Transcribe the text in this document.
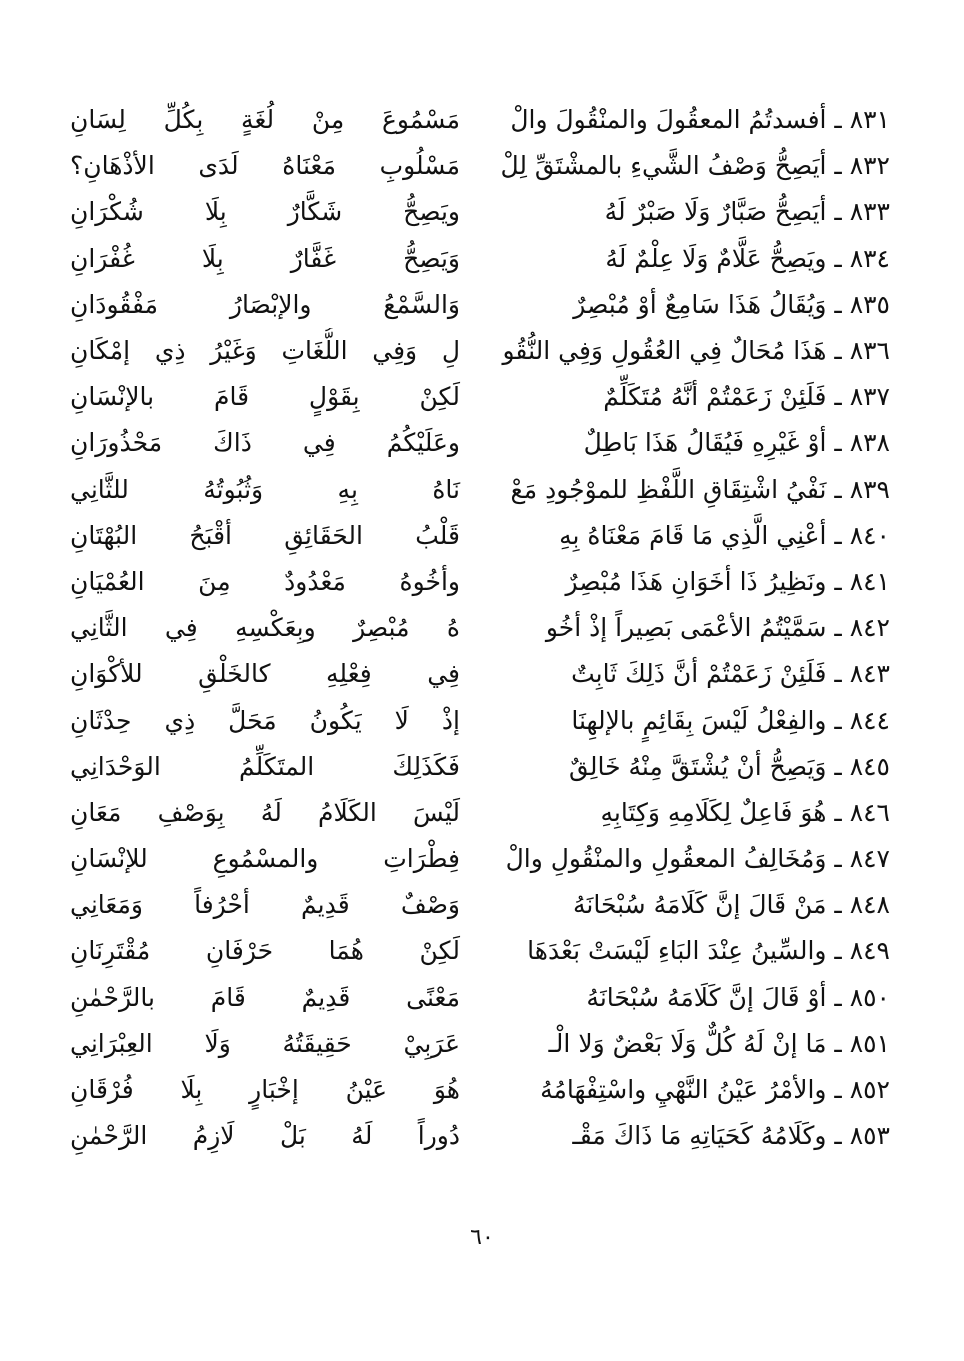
٨٣١ ـ أفسدتُمُ المعقُولَ والمنْقُولَ والْ
مَسْمُوعَ مِنْ لُغَةٍ بِكُلِّ لِسَانِ
٨٣٢ ـ أيَصِحُّ وَصْفُ الشَّيءِ بالمشْتَقِّ لِلْ
مَسْلُوبِ مَعْنَاهُ لَدَى الأذْهَانِ؟
٨٣٣ ـ أيَصِحُّ صَبَّارٌ وَلَا صَبْرٌ لَهُ
ويَصِحُّ شَكَّارٌ بِلَا شُكْرَانِ
٨٣٤ ـ ويَصِحُّ عَلَّامٌ وَلَا عِلْمٌ لَهُ
وَيَصِحُّ غَفَّارٌ بِلَا غُفْرَانِ
٨٣٥ ـ وَيُقَالُ هَذَا سَامِعٌ أوْ مُبْصِرٌ
وَالسَّمْعُ والإبْصَارُ مَفْقُودَانِ
٨٣٦ ـ هَذَا مُحَالٌ فِي العُقُولِ وَفِي النُّقُو
لِ وَفِي اللُّغَاتِ وَغَيْرُ ذِي إمْكَانِ
٨٣٧ ـ فَلَئِنْ زَعَمْتُمْ أنَّهُ مُتَكَلِّمٌ
لَكِنْ بِقَوْلٍ قَامَ بالإنْسَانِ
٨٣٨ ـ أوْ غَيْرِهِ فَيُقَالُ هَذَا بَاطِلٌ
وعَلَيْكُمُ فِي ذَاكَ مَحْذُورَانِ
٨٣٩ ـ نَفْيُ اشْتِقَاقِ اللَّفْظِ للموْجُودِ مَعْ
نَاهُ بِهِ وَثُبُوتُهُ للثَّانِي
٨٤٠ ـ أعْنِي الَّذِي مَا قَامَ مَعْنَاهُ بِهِ
قَلْبُ الحَقَائِقِ أقْبَحُ البُهْتَانِ
٨٤١ ـ ونَظِيرُ ذَا أخَوَانِ هَذَا مُبْصِرٌ
وأخُوهُ مَعْدُودٌ مِنَ العُمْيَانِ
٨٤٢ ـ سَمَّيْتُمُ الأعْمَى بَصِيراً إذْ أخُو
هُ مُبْصِرٌ وبِعَكْسِهِ فِي الثَّانِي
٨٤٣ ـ فَلَئِنْ زَعَمْتُمْ أنَّ ذَلِكَ ثَابِتٌ
فِي فِعْلِهِ كالخَلْقِ للأكْوَانِ
٨٤٤ ـ والفِعْلُ لَيْسَ بِقَائِمٍ بالإلهِنَا
إذْ لَا يَكُونُ مَحَلَّ ذِي حِدْثَانِ
٨٤٥ ـ وَيَصِحُّ أنْ يُشْتَقَّ مِنْهُ خَالِقٌ
فَكَذَلِكَ المتَكَلِّمُ الوَحْدَانِي
٨٤٦ ـ هُوَ فَاعِلٌ لِكَلَامِهِ وَكِتَابِهِ
لَيْسَ الكَلَامُ لَهُ بِوَصْفِ مَعَانِ
٨٤٧ ـ وَمُخَالِفُ المعقُولِ والمنْقُولِ والْ
فِطْرَاتِ والمسْمُوعِ للإنْسَانِ
٨٤٨ ـ مَنْ قَالَ إنَّ كَلَامَهُ سُبْحَانَهُ
وَصْفٌ قَدِيمٌ أحْرُفاً وَمَعَانِي
٨٤٩ ـ والسِّينُ عِنْدَ البَاءِ لَيْسَتْ بَعْدَهَا
لَكِنْ هُمَا حَرْفَانِ مُقْتَرِنَانِ
٨٥٠ ـ أوْ قَالَ إنَّ كَلَامَهُ سُبْحَانَهُ
مَعْنًى قَدِيمٌ قَامَ بالرَّحْمٰنِ
٨٥١ ـ مَا إنْ لَهُ كُلٌّ وَلَا بَعْضٌ وَلا الْـ
عَرَبِيْ حَقِيقَتُهُ وَلَا العِبْرَانِي
٨٥٢ ـ والأمْرُ عَيْنُ النَّهْيِ واسْتِفْهَامُهُ
هُوَ عَيْنُ إخْبَارٍ بِلَا فُرْقَانِ
٨٥٣ ـ وكَلَامُهُ كَحَيَاتِهِ مَا ذَاكَ مَقْـ
دُوراً لَهُ بَلْ لَازِمُ الرَّحْمٰنِ
٦٠
